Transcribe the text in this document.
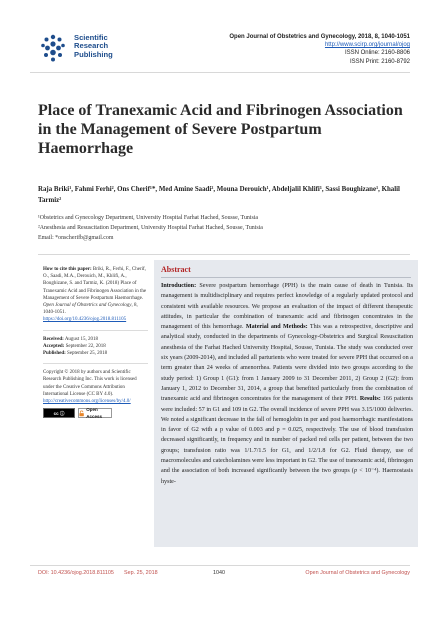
Scientific
Research
Publishing
Open Journal of Obstetrics and Gynecology, 2018, 8, 1040-1051
http://www.scirp.org/journal/ojog
ISSN Online: 2160-8806
ISSN Print: 2160-8792
Place of Tranexamic Acid and Fibrinogen Association in the Management of Severe Postpartum Haemorrhage
Raja Briki¹, Fahmi Ferhi², Ons Cherif¹*, Med Amine Saadi², Mouna Derouich¹, Abdeljalil Khlifi¹, Sassi Boughizane¹, Khalil Tarmiz²
¹Obstetrics and Gynecology Department, University Hospital Farhat Hached, Sousse, Tunisia
²Anesthesia and Resuscitation Department, University Hospital Farhat Hached, Sousse, Tunisia
Email: *onscherifb@gmail.com
How to cite this paper: Briki, R., Ferhi, F., Cherif, O., Saadi, M.A., Derouich, M., Khlifi, A., Boughizane, S. and Tarmiz, K. (2018) Place of Tranexamic Acid and Fibrinogen Association in the Management of Severe Postpartum Haemorrhage. Open Journal of Obstetrics and Gynecology, 8, 1040-1051. https://doi.org/10.4236/ojog.2018.811105
Received: August 15, 2018
Accepted: September 22, 2018
Published: September 25, 2018
Copyright © 2018 by authors and Scientific Research Publishing Inc. This work is licensed under the Creative Commons Attribution International License (CC BY 4.0). http://creativecommons.org/licenses/by/4.0/
cc ⓘ
Open Access
Abstract
Introduction: Severe postpartum hemorrhage (PPH) is the main cause of death in Tunisia. Its management is multidisciplinary and requires perfect knowledge of a regularly updated protocol and consistent with available resources. We propose an evaluation of the impact of different therapeutic attitudes, in particular the combination of tranexamic acid and fibrinogen concentrates in the management of this hemorrhage. Material and Methods: This was a retrospective, descriptive and analytical study, conducted in the departments of Gynecology-Obstetrics and Surgical Resuscitation anesthesia of the Farhat Hached University Hospital, Sousse, Tunisia. The study was conducted over six years (2009-2014), and included all parturients who were treated for severe PPH that occurred on a term greater than 24 weeks of amenorrhea. Patients were divided into two groups according to the study period: 1) Group 1 (G1): from 1 January 2009 to 31 December 2011, 2) Group 2 (G2): from January 1, 2012 to December 31, 2014, a group that benefited particularly from the combination of tranexamic acid and fibrinogen concentrates for the management of their PPH. Results: 166 patients were included: 57 in G1 and 109 in G2. The overall incidence of severe PPH was 3.15/1000 deliveries. We noted a significant decrease in the fall of hemoglobin in per and post haemorrhagic manifestations in favor of G2 with a p value of 0.003 and p = 0.025, respectively. The use of blood transfusion decreased significantly, in frequency and in number of packed red cells per patient, between the two groups; transfusion ratio was 1/1.7/1.5 for G1, and 1/2/1.8 for G2. Fluid therapy, use of macromolecules and catecholamines were less important in G2. The use of tranexamic acid, fibrinogen and the association of both increased significantly between the two groups (p < 10⁻⁴). Haemostasis hyste-
DOI: 10.4236/ojog.2018.811105 Sep. 25, 2018	1040	Open Journal of Obstetrics and Gynecology
